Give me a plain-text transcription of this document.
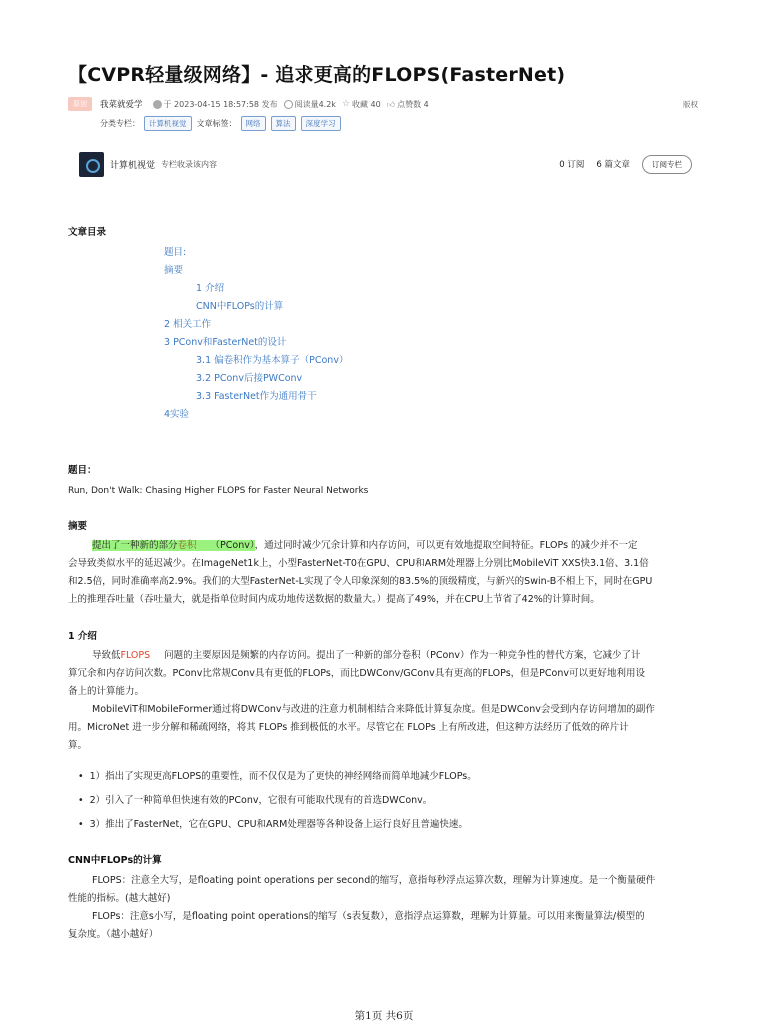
【CVPR轻量级网络】- 追求更高的FLOPS(FasterNet)
原创	我菜就爱学	于 2023-04-15 18:57:58 发布 阅读量4.2k ☆ 收藏 40 👍︎ 点赞数 4	版权
分类专栏：	计算机视觉	文章标签：	网络	算法	深度学习
计算机视觉 专栏收录该内容	0 订阅 6 篇文章	订阅专栏
文章目录
题目:
摘要
1 介绍
CNN中FLOPs的计算
2 相关工作
3 PConv和FasterNet的设计
3.1 偏卷积作为基本算子（PConv）
3.2 PConv后接PWConv
3.3 FasterNet作为通用骨干
4实验
题目：
Run, Don't Walk: Chasing Higher FLOPS for Faster Neural Networks
摘要
提出了一种新的部分卷积 （PConv），通过同时减少冗余计算和内存访问，可以更有效地提取空间特征。FLOPs 的减少并不一定
会导致类似水平的延迟减少。在ImageNet1k上，小型FasterNet-T0在GPU、CPU和ARM处理器上分别比MobileViT XXS快3.1倍、3.1倍
和2.5倍，同时准确率高2.9%。我们的大型FasterNet-L实现了令人印象深刻的83.5%的顶级精度，与新兴的Swin-B不相上下，同时在GPU
上的推理吞吐量（吞吐量大，就是指单位时间内成功地传送数据的数量大。）提高了49%，并在CPU上节省了42%的计算时间。
1 介绍
导致低FLOPS 问题的主要原因是频繁的内存访问。提出了一种新的部分卷积（PConv）作为一种竞争性的替代方案，它减少了计
算冗余和内存访问次数。PConv比常规Conv具有更低的FLOPs，而比DWConv/GConv具有更高的FLOPs，但是PConv可以更好地利用设
备上的计算能力。
MobileViT和MobileFormer通过将DWConv与改进的注意力机制相结合来降低计算复杂度。但是DWConv会受到内存访问增加的副作
用。MicroNet 进一步分解和稀疏网络，将其 FLOPs 推到极低的水平。尽管它在 FLOPs 上有所改进，但这种方法经历了低效的碎片计
算。
• 1）指出了实现更高FLOPS的重要性，而不仅仅是为了更快的神经网络而简单地减少FLOPs。
• 2）引入了一种简单但快速有效的PConv，它很有可能取代现有的首选DWConv。
• 3）推出了FasterNet，它在GPU、CPU和ARM处理器等各种设备上运行良好且普遍快速。
CNN中FLOPs的计算
FLOPS：注意全大写，是floating point operations per second的缩写，意指每秒浮点运算次数，理解为计算速度。是一个衡量硬件
性能的指标。(越大越好)
FLOPs：注意s小写，是floating point operations的缩写（s表复数），意指浮点运算数，理解为计算量。可以用来衡量算法/模型的
复杂度。（越小越好）
第1页 共6页
